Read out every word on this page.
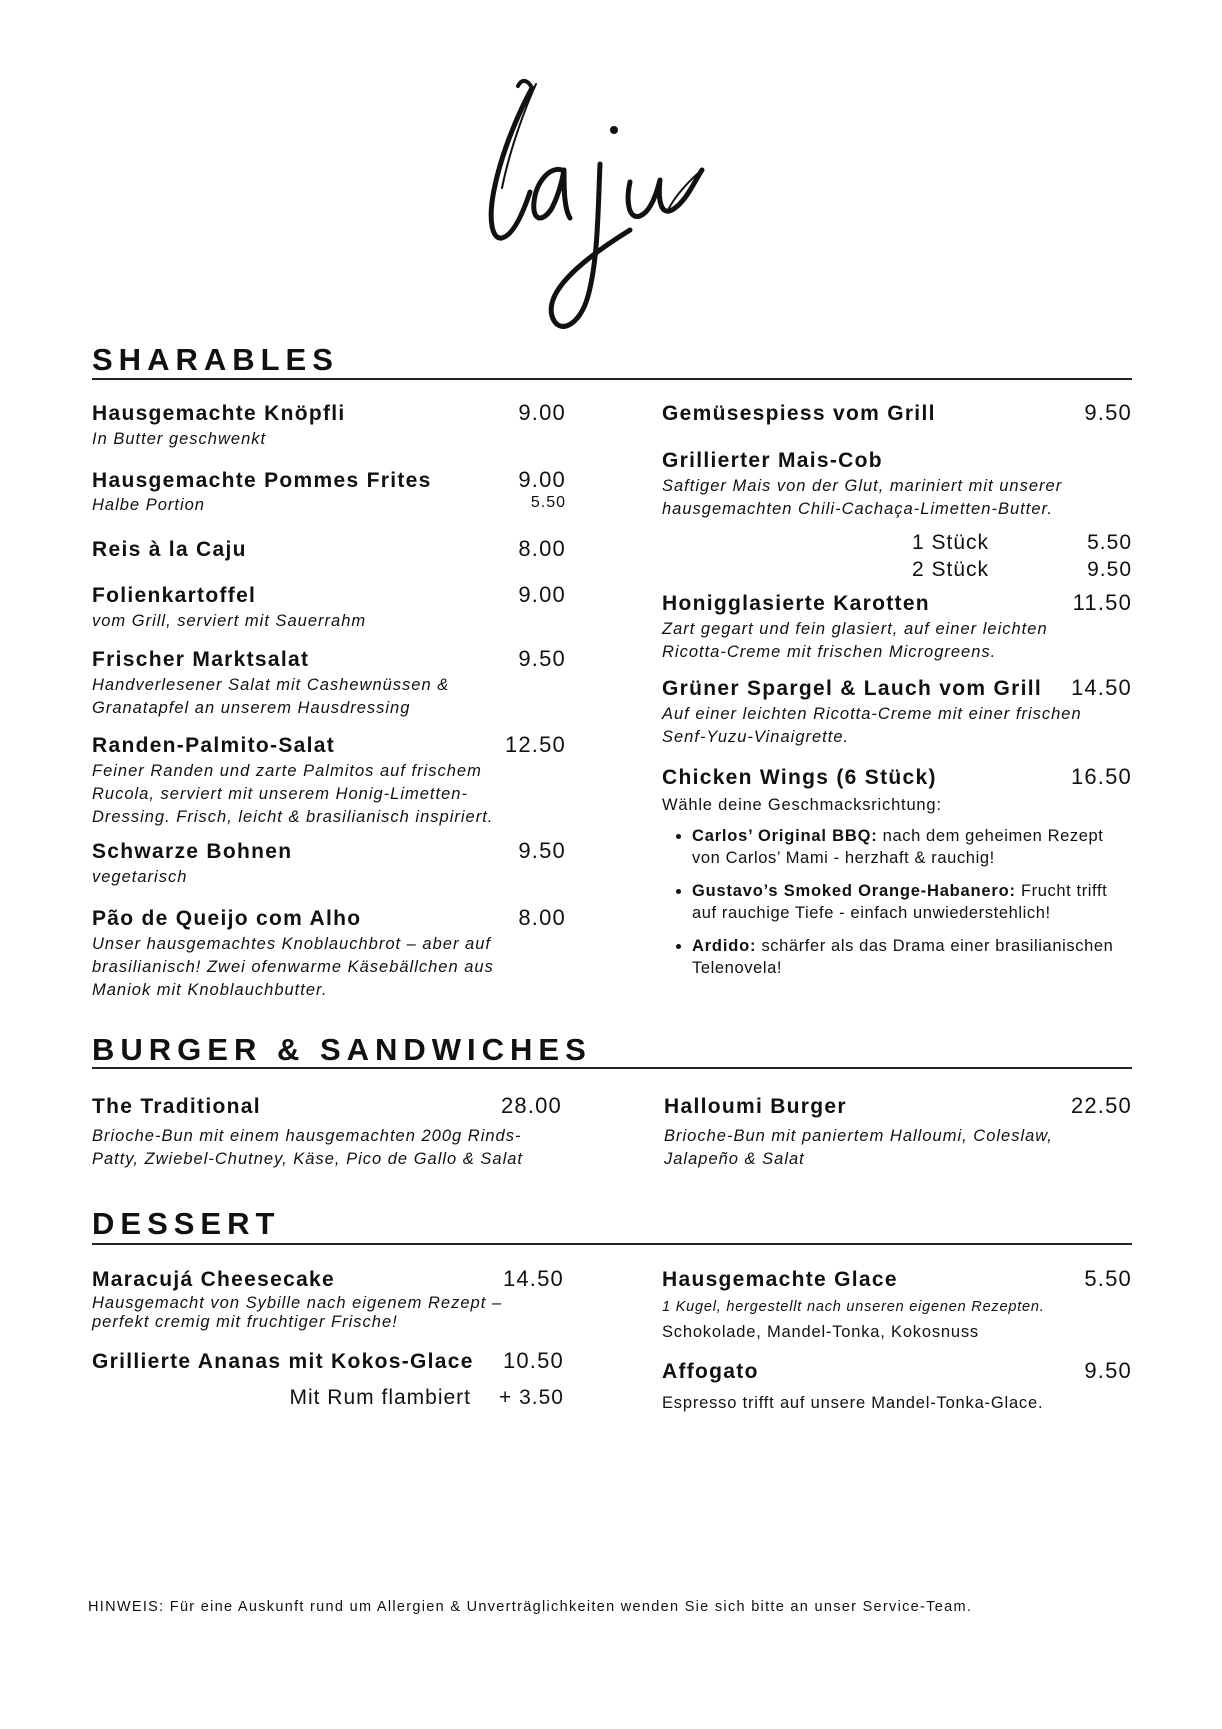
SHARABLES
Hausgemachte Knöpfli	9.00
In Butter geschwenkt
Hausgemachte Pommes Frites	9.00
Halbe Portion	5.50
Reis à la Caju	8.00
Folienkartoffel	9.00
vom Grill, serviert mit Sauerrahm
Frischer Marktsalat	9.50
Handverlesener Salat mit Cashewnüssen &
Granatapfel an unserem Hausdressing
Randen-Palmito-Salat	12.50
Feiner Randen und zarte Palmitos auf frischem
Rucola, serviert mit unserem Honig-Limetten-
Dressing. Frisch, leicht & brasilianisch inspiriert.
Schwarze Bohnen	9.50
vegetarisch
Pão de Queijo com Alho	8.00
Unser hausgemachtes Knoblauchbrot – aber auf
brasilianisch! Zwei ofenwarme Käsebällchen aus
Maniok mit Knoblauchbutter.
Gemüsespiess vom Grill	9.50
Grillierter Mais-Cob
Saftiger Mais von der Glut, mariniert mit unserer
hausgemachten Chili-Cachaça-Limetten-Butter.
1 Stück	5.50
2 Stück	9.50
Honigglasierte Karotten	11.50
Zart gegart und fein glasiert, auf einer leichten
Ricotta-Creme mit frischen Microgreens.
Grüner Spargel & Lauch vom Grill 14.50
Auf einer leichten Ricotta-Creme mit einer frischen
Senf-Yuzu-Vinaigrette.
Chicken Wings (6 Stück)	16.50
Wähle deine Geschmacksrichtung:
• Carlos’ Original BBQ: nach dem geheimen Rezept von Carlos’ Mami - herzhaft & rauchig!
• Gustavo’s Smoked Orange-Habanero: Frucht trifft auf rauchige Tiefe - einfach unwiederstehlich!
• Ardido: schärfer als das Drama einer brasilianischen Telenovela!
BURGER & SANDWICHES
The Traditional	28.00
Brioche-Bun mit einem hausgemachten 200g Rinds-
Patty, Zwiebel-Chutney, Käse, Pico de Gallo & Salat
Halloumi Burger	22.50
Brioche-Bun mit paniertem Halloumi, Coleslaw,
Jalapeño & Salat
DESSERT
Maracujá Cheesecake	14.50
Hausgemacht von Sybille nach eigenem Rezept –
perfekt cremig mit fruchtiger Frische!
Grillierte Ananas mit Kokos-Glace 10.50
Mit Rum flambiert + 3.50
Hausgemachte Glace	5.50
1 Kugel, hergestellt nach unseren eigenen Rezepten.
Schokolade, Mandel-Tonka, Kokosnuss
Affogato	9.50
Espresso trifft auf unsere Mandel-Tonka-Glace.
HINWEIS: Für eine Auskunft rund um Allergien & Unverträglichkeiten wenden Sie sich bitte an unser Service-Team.
